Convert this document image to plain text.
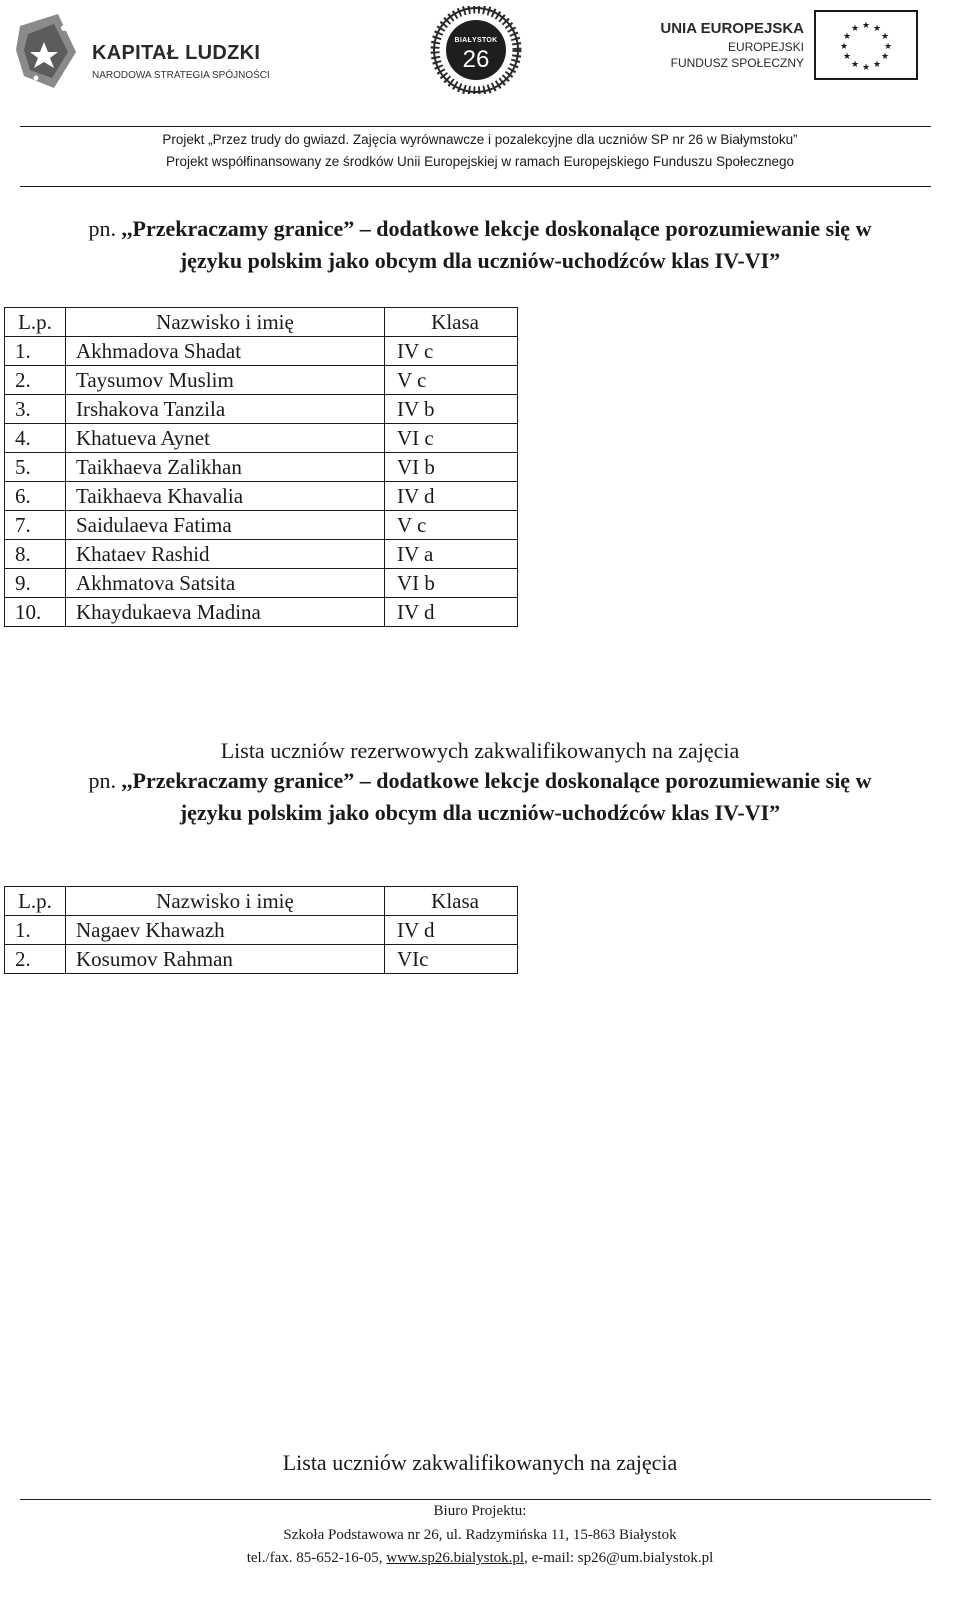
KAPITAŁ LUDZKI
NARODOWA STRATEGIA SPÓJNOŚCI
BIAŁYSTOK
26
UNIA EUROPEJSKA
EUROPEJSKI
FUNDUSZ SPOŁECZNY
★ ★
★
★
★
★
★
★
★
★
★
★
Projekt „Przez trudy do gwiazd. Zajęcia wyrównawcze i pozalekcyjne dla uczniów SP nr 26 w Białymstoku”
Projekt współfinansowany ze środków Unii Europejskiej w ramach Europejskiego Funduszu Społecznego
pn. ,,Przekraczamy granice” – dodatkowe lekcje doskonalące porozumiewanie się w
języku polskim jako obcym dla uczniów-uchodźców klas IV-VI”
L.p.	Nazwisko i imię	Klasa
1.	Akhmadova Shadat	IV c
2.	Taysumov Muslim	V c
3.	Irshakova Tanzila	IV b
4.	Khatueva Aynet	VI c
5.	Taikhaeva Zalikhan	VI b
6.	Taikhaeva Khavalia	IV d
7.	Saidulaeva Fatima	V c
8.	Khataev Rashid	IV a
9.	Akhmatova Satsita	VI b
10.	Khaydukaeva Madina	IV d
Lista uczniów rezerwowych zakwalifikowanych na zajęcia
pn. ,,Przekraczamy granice” – dodatkowe lekcje doskonalące porozumiewanie się w
języku polskim jako obcym dla uczniów-uchodźców klas IV-VI”
L.p.	Nazwisko i imię	Klasa
1.	Nagaev Khawazh	IV d
2.	Kosumov Rahman	VIc
Lista uczniów zakwalifikowanych na zajęcia
Biuro Projektu:
Szkoła Podstawowa nr 26, ul. Radzymińska 11, 15-863 Białystok
tel./fax. 85-652-16-05, www.sp26.bialystok.pl, e-mail: sp26@um.bialystok.pl
